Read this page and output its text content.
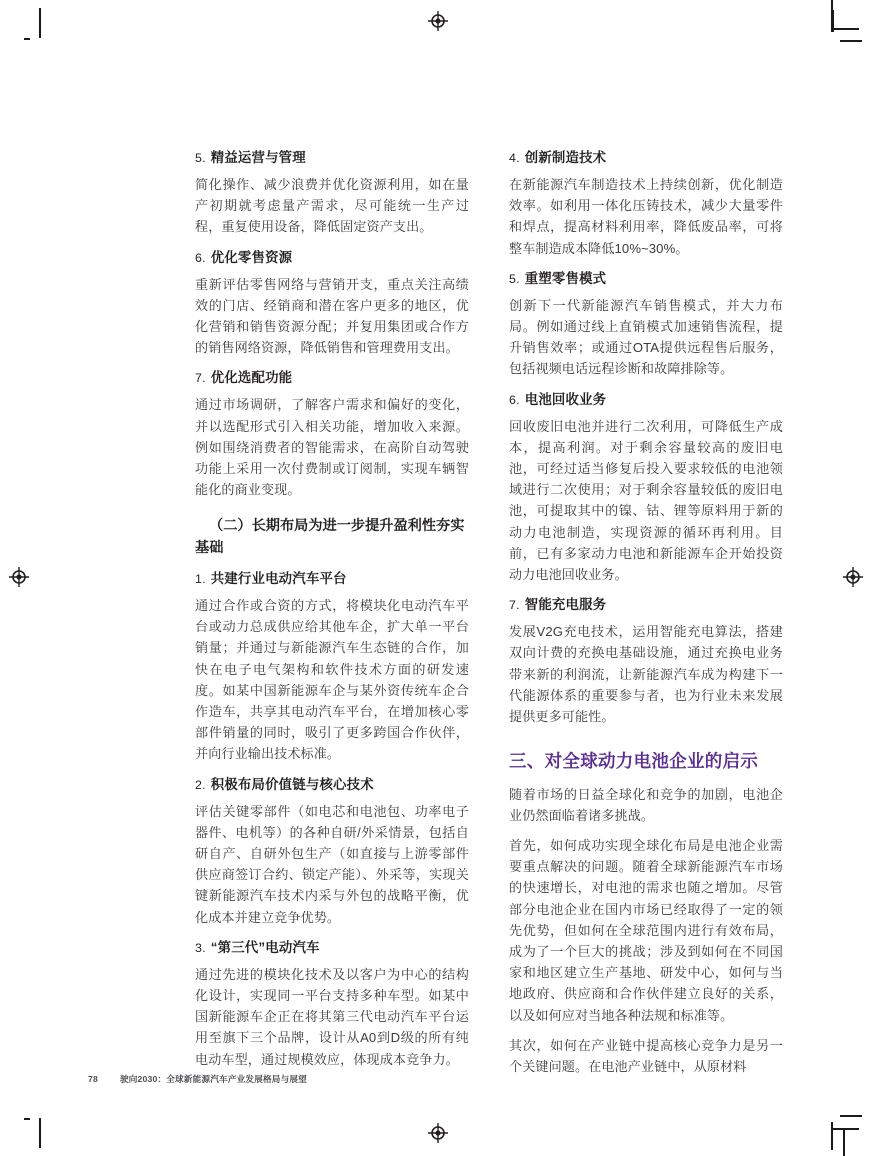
5. 精益运营与管理

简化操作、减少浪费并优化资源利用，如在量产初期就考虑量产需求，尽可能统一生产过程，重复使用设备，降低固定资产支出。

6. 优化零售资源

重新评估零售网络与营销开支，重点关注高绩效的门店、经销商和潜在客户更多的地区，优化营销和销售资源分配；并复用集团或合作方的销售网络资源，降低销售和管理费用支出。

7. 优化选配功能

通过市场调研，了解客户需求和偏好的变化，并以选配形式引入相关功能，增加收入来源。例如围绕消费者的智能需求，在高阶自动驾驶功能上采用一次付费制或订阅制，实现车辆智能化的商业变现。

（二）长期布局为进一步提升盈利性夯实基础
1. 共建行业电动汽车平台

通过合作或合资的方式，将模块化电动汽车平台或动力总成供应给其他车企，扩大单一平台销量；并通过与新能源汽车生态链的合作，加快在电子电气架构和软件技术方面的研发速度。如某中国新能源车企与某外资传统车企合作造车，共享其电动汽车平台，在增加核心零部件销量的同时，吸引了更多跨国合作伙伴，并向行业输出技术标准。

2. 积极布局价值链与核心技术

评估关键零部件（如电芯和电池包、功率电子器件、电机等）的各种自研/外采情景，包括自研自产、自研外包生产（如直接与上游零部件供应商签订合约、锁定产能）、外采等，实现关键新能源汽车技术内采与外包的战略平衡，优化成本并建立竞争优势。

3. “第三代”电动汽车

通过先进的模块化技术及以客户为中心的结构化设计，实现同一平台支持多种车型。如某中国新能源车企正在将其第三代电动汽车平台运用至旗下三个品牌，设计从A0到D级的所有纯电动车型，通过规模效应，体现成本竞争力。

4. 创新制造技术

在新能源汽车制造技术上持续创新，优化制造效率。如利用一体化压铸技术，减少大量零件和焊点，提高材料利用率，降低废品率，可将整车制造成本降低10%~30%。

5. 重塑零售模式

创新下一代新能源汽车销售模式，并大力布局。例如通过线上直销模式加速销售流程，提升销售效率；或通过OTA提供远程售后服务，包括视频电话远程诊断和故障排除等。

6. 电池回收业务

回收废旧电池并进行二次利用，可降低生产成本，提高利润。对于剩余容量较高的废旧电池，可经过适当修复后投入要求较低的电池领域进行二次使用；对于剩余容量较低的废旧电池，可提取其中的镍、钴、锂等原料用于新的动力电池制造，实现资源的循环再利用。目前，已有多家动力电池和新能源车企开始投资动力电池回收业务。

7. 智能充电服务

发展V2G充电技术，运用智能充电算法，搭建双向计费的充换电基础设施，通过充换电业务带来新的利润流，让新能源汽车成为构建下一代能源体系的重要参与者，也为行业未来发展提供更多可能性。

三、对全球动力电池企业的启示

随着市场的日益全球化和竞争的加剧，电池企业仍然面临着诸多挑战。

首先，如何成功实现全球化布局是电池企业需要重点解决的问题。随着全球新能源汽车市场的快速增长，对电池的需求也随之增加。尽管部分电池企业在国内市场已经取得了一定的领先优势，但如何在全球范围内进行有效布局，成为了一个巨大的挑战；涉及到如何在不同国家和地区建立生产基地、研发中心，如何与当地政府、供应商和合作伙伴建立良好的关系，以及如何应对当地各种法规和标准等。

其次，如何在产业链中提高核心竞争力是另一个关键问题。在电池产业链中，从原材料

78	驶向2030：全球新能源汽车产业发展格局与展望
